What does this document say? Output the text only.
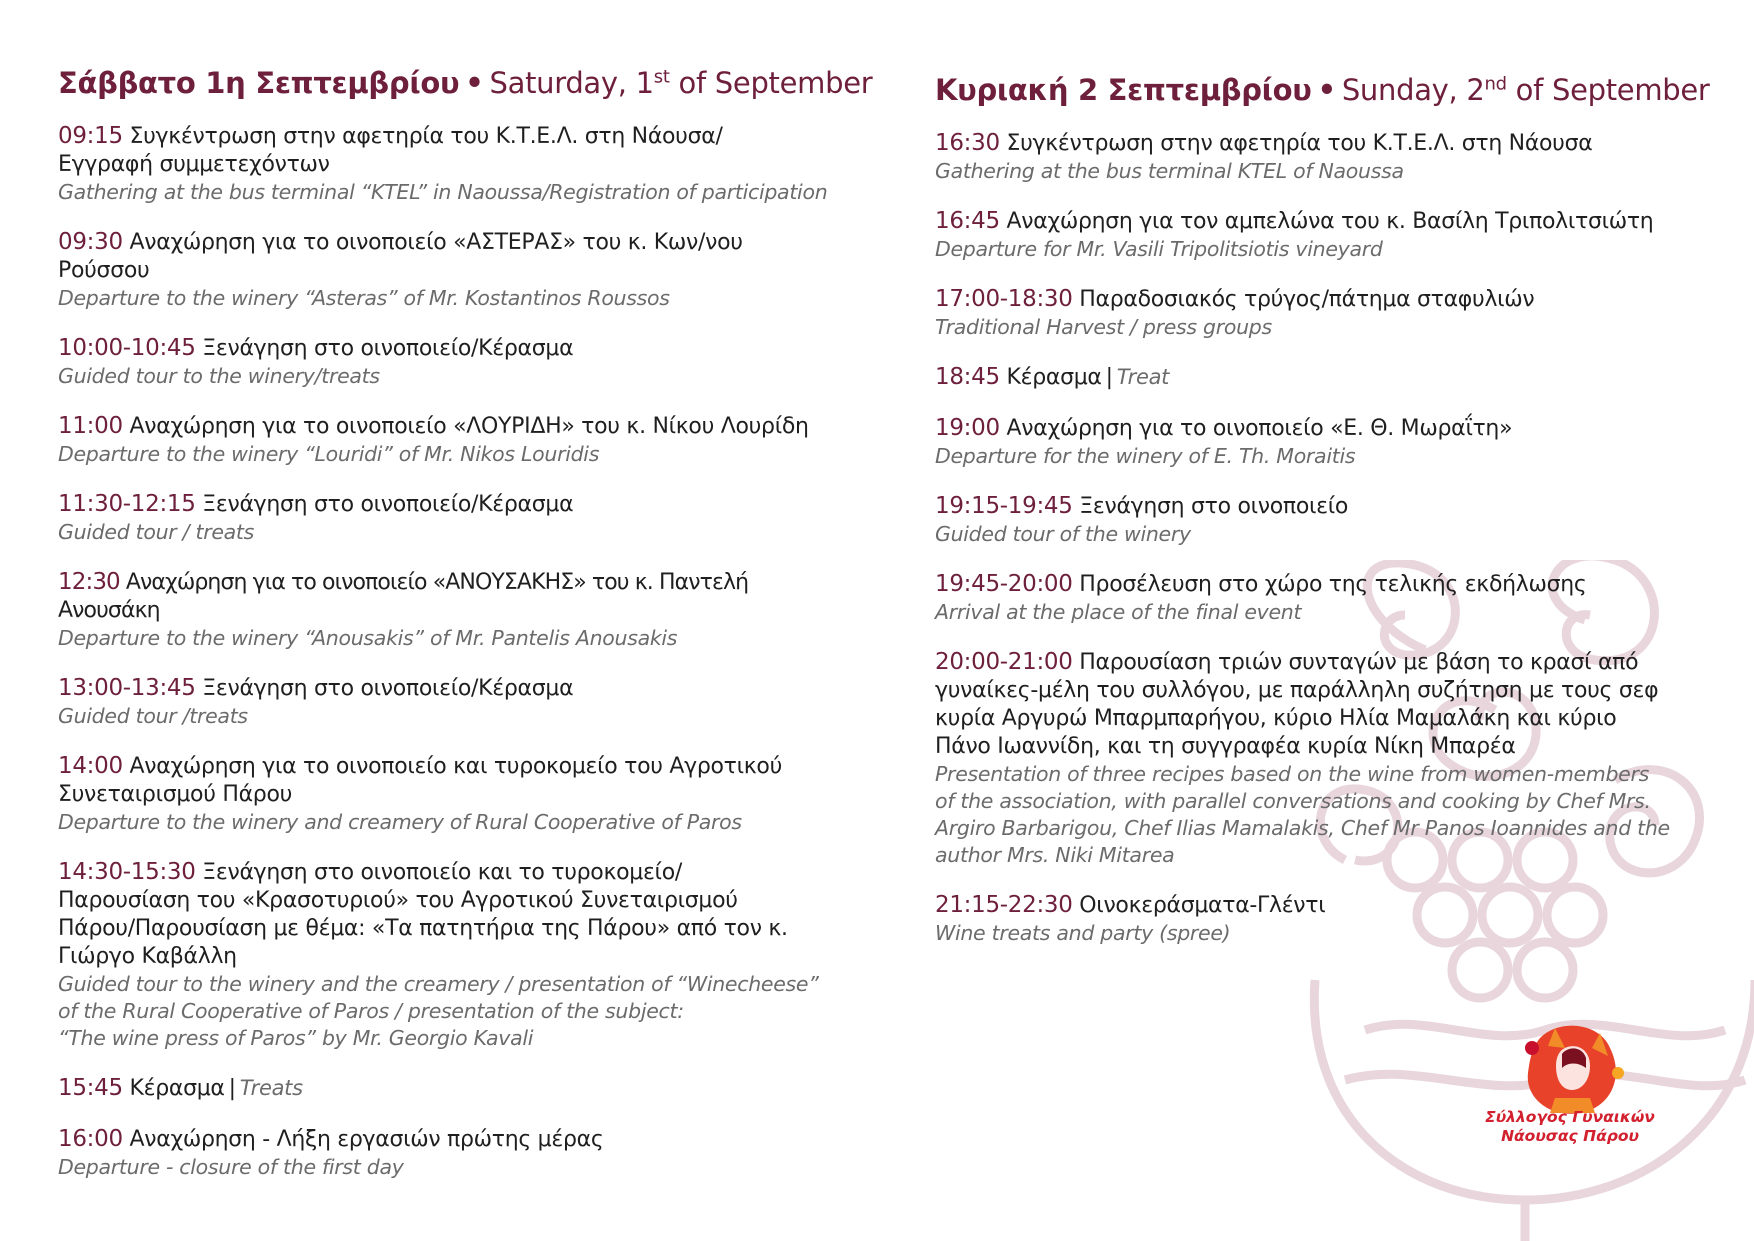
Σάββατο 1η Σεπτεμβρίου • Saturday, 1st of September
09:15 Συγκέντρωση στην αφετηρία του Κ.Τ.Ε.Λ. στη Νάουσα/
Εγγραφή συμμετεχόντων
Gathering at the bus terminal “KTEL” in Naoussa/Registration of participation
09:30 Αναχώρηση για το οινοποιείο «ΑΣΤΕΡΑΣ» του κ. Κων/νου Ρούσσου
Departure to the winery “Asteras” of Mr. Kostantinos Roussos
10:00-10:45 Ξενάγηση στο οινοποιείο/Κέρασμα
Guided tour to the winery/treats
11:00 Αναχώρηση για το οινοποιείο «ΛΟΥΡΙΔΗ» του κ. Νίκου Λουρίδη
Departure to the winery “Louridi” of Mr. Nikos Louridis
11:30-12:15 Ξενάγηση στο οινοποιείο/Κέρασμα
Guided tour / treats
12:30 Αναχώρηση για το οινοποιείο «ΑΝΟΥΣΑΚΗΣ» του κ. Παντελή Ανουσάκη
Departure to the winery “Anousakis” of Mr. Pantelis Anousakis
13:00-13:45 Ξενάγηση στο οινοποιείο/Κέρασμα
Guided tour /treats
14:00 Αναχώρηση για το οινοποιείο και τυροκομείο του Αγροτικού
Συνεταιρισμού Πάρου
Departure to the winery and creamery of Rural Cooperative of Paros
14:30-15:30 Ξενάγηση στο οινοποιείο και το τυροκομείο/
Παρουσίαση του «Κρασοτυριού» του Αγροτικού Συνεταιρισμού
Πάρου/Παρουσίαση με θέμα: «Τα πατητήρια της Πάρου» από τον κ.
Γιώργο Καβάλλη
Guided tour to the winery and the creamery / presentation of “Winecheese”
of the Rural Cooperative of Paros / presentation of the subject:
“The wine press of Paros” by Mr. Georgio Kavali
15:45 Κέρασμα | Treats
16:00 Αναχώρηση - Λήξη εργασιών πρώτης μέρας
Departure - closure of the first day
Κυριακή 2 Σεπτεμβρίου • Sunday, 2nd of September
16:30 Συγκέντρωση στην αφετηρία του Κ.Τ.Ε.Λ. στη Νάουσα
Gathering at the bus terminal KTEL of Naoussa
16:45 Αναχώρηση για τον αμπελώνα του κ. Βασίλη Τριπολιτσιώτη
Departure for Mr. Vasili Tripolitsiotis vineyard
17:00-18:30 Παραδοσιακός τρύγος/πάτημα σταφυλιών
Traditional Harvest / press groups
18:45 Κέρασμα | Treat
19:00 Αναχώρηση για το οινοποιείο «Ε. Θ. Μωραΐτη»
Departure for the winery of E. Th. Moraitis
19:15-19:45 Ξενάγηση στο οινοποιείο
Guided tour of the winery
19:45-20:00 Προσέλευση στο χώρο της τελικής εκδήλωσης
Arrival at the place of the final event
20:00-21:00 Παρουσίαση τριών συνταγών με βάση το κρασί από
γυναίκες-μέλη του συλλόγου, με παράλληλη συζήτηση με τους σεφ
κυρία Αργυρώ Μπαρμπαρήγου, κύριο Ηλία Μαμαλάκη και κύριο
Πάνο Ιωαννίδη, και τη συγγραφέα κυρία Νίκη Μπαρέα
Presentation of three recipes based on the wine from women-members
of the association, with parallel conversations and cooking by Chef Mrs.
Argiro Barbarigou, Chef Ilias Mamalakis, Chef Mr Panos Ioannides and the
author Mrs. Niki Mitarea
21:15-22:30 Οινοκεράσματα-Γλέντι
Wine treats and party (spree)
Σύλλογος Γυναικών
Νάουσας Πάρου
